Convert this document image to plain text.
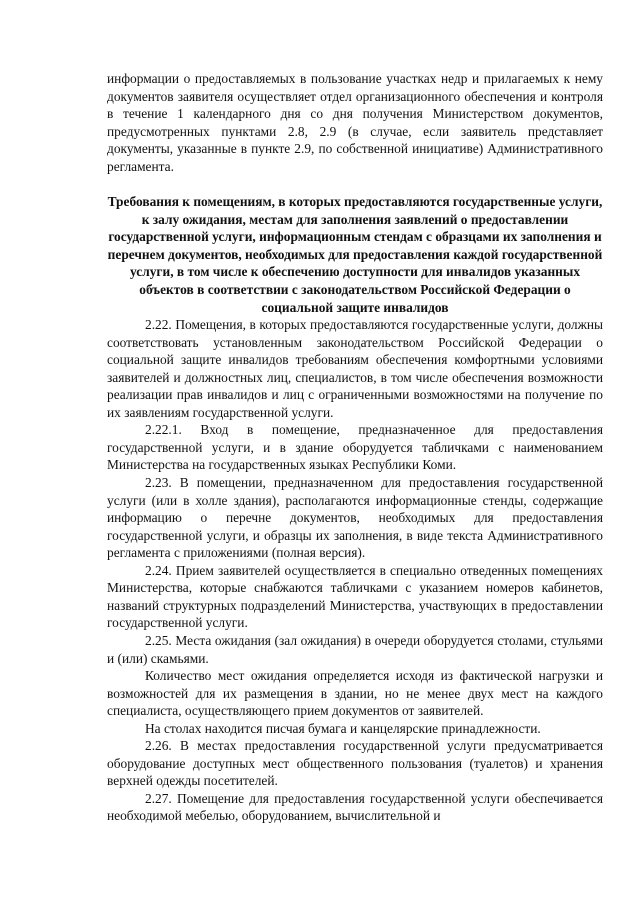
информации о предоставляемых в пользование участках недр и прилагаемых к нему документов заявителя осуществляет отдел организационного обеспечения и контроля в течение 1 календарного дня со дня получения Министерством документов, предусмотренных пунктами 2.8, 2.9 (в случае, если заявитель представляет документы, указанные в пункте 2.9, по собственной инициативе) Административного регламента.

Требования к помещениям, в которых предоставляются государственные услуги, к залу ожидания, местам для заполнения заявлений о предоставлении государственной услуги, информационным стендам с образцами их заполнения и перечнем документов, необходимых для предоставления каждой государственной услуги, в том числе к обеспечению доступности для инвалидов указанных объектов в соответствии с законодательством Российской Федерации о социальной защите инвалидов

2.22. Помещения, в которых предоставляются государственные услуги, должны соответствовать установленным законодательством Российской Федерации о социальной защите инвалидов требованиям обеспечения комфортными условиями заявителей и должностных лиц, специалистов, в том числе обеспечения возможности реализации прав инвалидов и лиц с ограниченными возможностями на получение по их заявлениям государственной услуги.

2.22.1. Вход в помещение, предназначенное для предоставления государственной услуги, и в здание оборудуется табличками с наименованием Министерства на государственных языках Республики Коми.

2.23. В помещении, предназначенном для предоставления государственной услуги (или в холле здания), располагаются информационные стенды, содержащие информацию о перечне документов, необходимых для предоставления государственной услуги, и образцы их заполнения, в виде текста Административного регламента с приложениями (полная версия).

2.24. Прием заявителей осуществляется в специально отведенных помещениях Министерства, которые снабжаются табличками с указанием номеров кабинетов, названий структурных подразделений Министерства, участвующих в предоставлении государственной услуги.

2.25. Места ожидания (зал ожидания) в очереди оборудуется столами, стульями и (или) скамьями.

Количество мест ожидания определяется исходя из фактической нагрузки и возможностей для их размещения в здании, но не менее двух мест на каждого специалиста, осуществляющего прием документов от заявителей.

На столах находится писчая бумага и канцелярские принадлежности.

2.26. В местах предоставления государственной услуги предусматривается оборудование доступных мест общественного пользования (туалетов) и хранения верхней одежды посетителей.

2.27. Помещение для предоставления государственной услуги обеспечивается необходимой мебелью, оборудованием, вычислительной и
